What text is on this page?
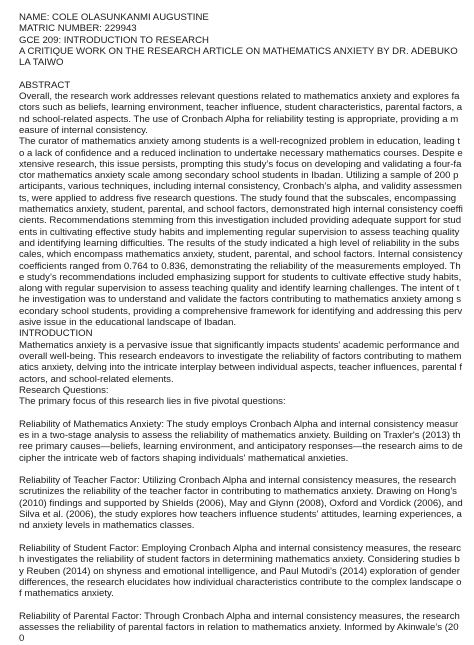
NAME: COLE OLASUNKANMI AUGUSTINE
MATRIC NUMBER: 229943
GCE 209: INTRODUCTION TO RESEARCH
A CRITIQUE WORK ON THE RESEARCH ARTICLE ON MATHEMATICS ANXIETY BY DR. ADEBUKOLA TAIWO

ABSTRACT

Overall, the research work addresses relevant questions related to mathematics anxiety and explores factors such as beliefs, learning environment, teacher influence, student characteristics, parental factors, and school-related aspects. The use of Cronbach Alpha for reliability testing is appropriate, providing a measure of internal consistency.

The curator of mathematics anxiety among students is a well-recognized problem in education, leading to a lack of confidence and a reduced inclination to undertake necessary mathematics courses. Despite extensive research, this issue persists, prompting this study’s focus on developing and validating a four-factor mathematics anxiety scale among secondary school students in Ibadan. Utilizing a sample of 200 participants, various techniques, including internal consistency, Cronbach’s alpha, and validity assessments, were applied to address five research questions. The study found that the subscales, encompassing mathematics anxiety, student, parental, and school factors, demonstrated high internal consistency coefficients. Recommendations stemming from this investigation included providing adequate support for students in cultivating effective study habits and implementing regular supervision to assess teaching quality and identifying learning difficulties. The results of the study indicated a high level of reliability in the subscales, which encompass mathematics anxiety, student, parental, and school factors. Internal consistency coefficients ranged from 0.764 to 0.836, demonstrating the reliability of the measurements employed. The study’s recommendations included emphasizing support for students to cultivate effective study habits, along with regular supervision to assess teaching quality and identify learning challenges. The intent of the investigation was to understand and validate the factors contributing to mathematics anxiety among secondary school students, providing a comprehensive framework for identifying and addressing this pervasive issue in the educational landscape of Ibadan.

INTRODUCTION

Mathematics anxiety is a pervasive issue that significantly impacts students' academic performance and overall well-being. This research endeavors to investigate the reliability of factors contributing to mathematics anxiety, delving into the intricate interplay between individual aspects, teacher influences, parental factors, and school-related elements.

Research Questions:

The primary focus of this research lies in five pivotal questions:

Reliability of Mathematics Anxiety: The study employs Cronbach Alpha and internal consistency measures in a two-stage analysis to assess the reliability of mathematics anxiety. Building on Traxler's (2013) three primary causes—beliefs, learning environment, and anticipatory responses—the research aims to decipher the intricate web of factors shaping individuals' mathematical anxieties.

Reliability of Teacher Factor: Utilizing Cronbach Alpha and internal consistency measures, the research scrutinizes the reliability of the teacher factor in contributing to mathematics anxiety. Drawing on Hong’s (2010) findings and supported by Shields (2006), May and Glynn (2008), Oxford and Vordick (2006), and Silva et al. (2006), the study explores how teachers influence students' attitudes, learning experiences, and anxiety levels in mathematics classes.

Reliability of Student Factor: Employing Cronbach Alpha and internal consistency measures, the research investigates the reliability of student factors in determining mathematics anxiety. Considering studies by Reuben (2014) on shyness and emotional intelligence, and Paul Mutodi’s (2014) exploration of gender differences, the research elucidates how individual characteristics contribute to the complex landscape of mathematics anxiety.

Reliability of Parental Factor: Through Cronbach Alpha and internal consistency measures, the research assesses the reliability of parental factors in relation to mathematics anxiety. Informed by Akinwale’s (200
